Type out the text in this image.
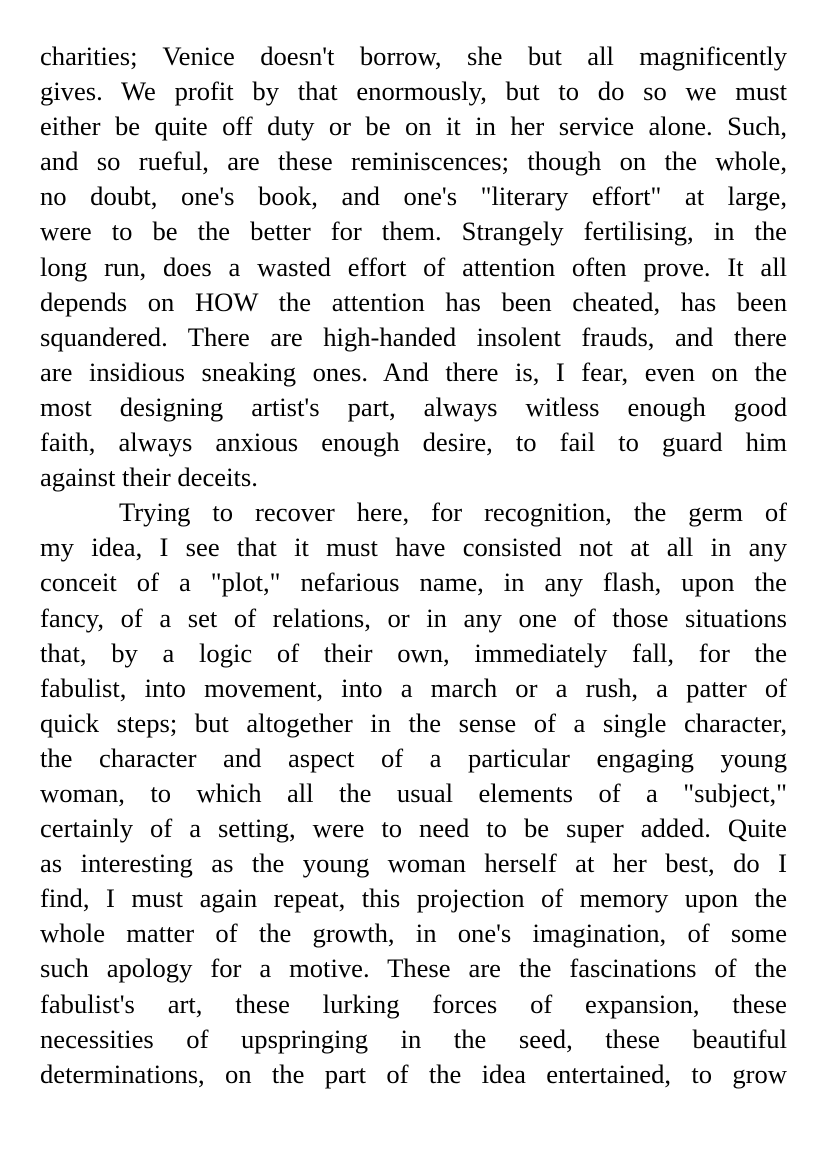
charities; Venice doesn't borrow, she but all magnificently
gives. We profit by that enormously, but to do so we must
either be quite off duty or be on it in her service alone. Such,
and so rueful, are these reminiscences; though on the whole,
no doubt, one's book, and one's "literary effort" at large,
were to be the better for them. Strangely fertilising, in the
long run, does a wasted effort of attention often prove. It all
depends on HOW the attention has been cheated, has been
squandered. There are high-handed insolent frauds, and there
are insidious sneaking ones. And there is, I fear, even on the
most designing artist's part, always witless enough good
faith, always anxious enough desire, to fail to guard him
against their deceits.
Trying to recover here, for recognition, the germ of
my idea, I see that it must have consisted not at all in any
conceit of a "plot," nefarious name, in any flash, upon the
fancy, of a set of relations, or in any one of those situations
that, by a logic of their own, immediately fall, for the
fabulist, into movement, into a march or a rush, a patter of
quick steps; but altogether in the sense of a single character,
the character and aspect of a particular engaging young
woman, to which all the usual elements of a "subject,"
certainly of a setting, were to need to be super added. Quite
as interesting as the young woman herself at her best, do I
find, I must again repeat, this projection of memory upon the
whole matter of the growth, in one's imagination, of some
such apology for a motive. These are the fascinations of the
fabulist's art, these lurking forces of expansion, these
necessities of upspringing in the seed, these beautiful
determinations, on the part of the idea entertained, to grow
